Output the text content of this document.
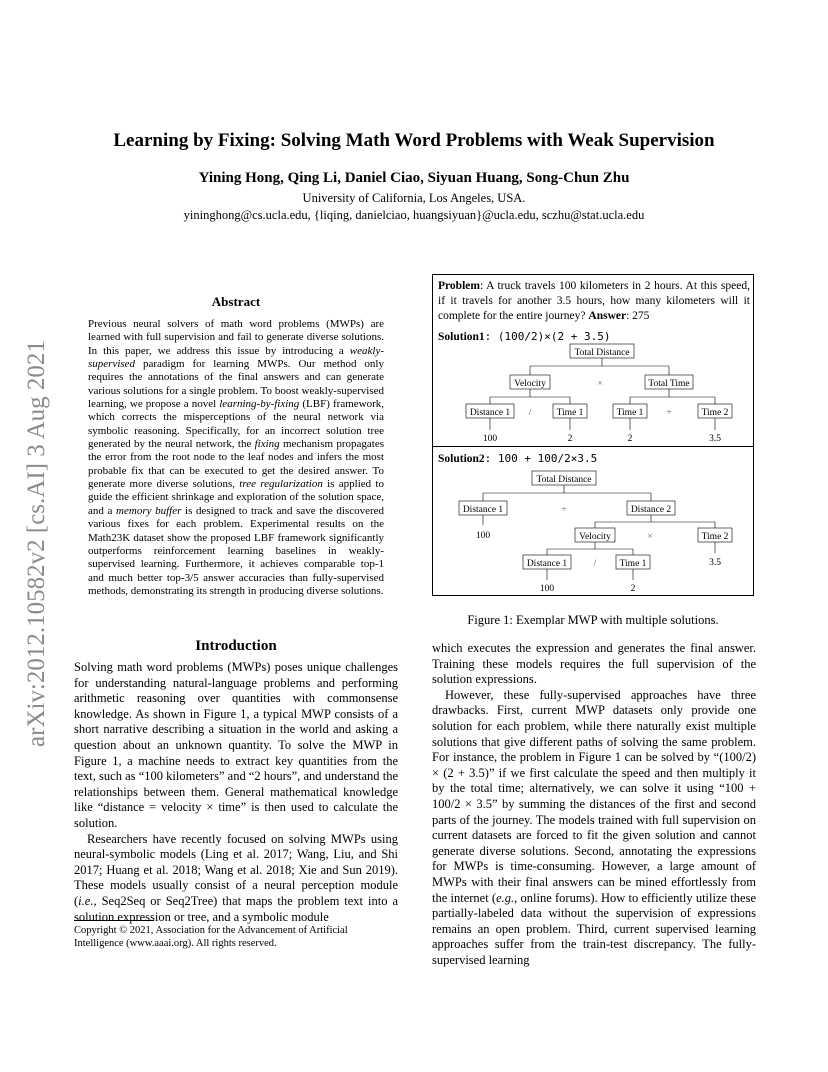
arXiv:2012.10582v2 [cs.AI] 3 Aug 2021
Learning by Fixing: Solving Math Word Problems with Weak Supervision
Yining Hong, Qing Li, Daniel Ciao, Siyuan Huang, Song-Chun Zhu
University of California, Los Angeles, USA.
yininghong@cs.ucla.edu, {liqing, danielciao, huangsiyuan}@ucla.edu, sczhu@stat.ucla.edu
Abstract
Previous neural solvers of math word problems (MWPs) are learned with full supervision and fail to generate diverse solutions. In this paper, we address this issue by introducing a weakly-supervised paradigm for learning MWPs. Our method only requires the annotations of the final answers and can generate various solutions for a single problem. To boost weakly-supervised learning, we propose a novel learning-by-fixing (LBF) framework, which corrects the misperceptions of the neural network via symbolic reasoning. Specifically, for an incorrect solution tree generated by the neural network, the fixing mechanism propagates the error from the root node to the leaf nodes and infers the most probable fix that can be executed to get the desired answer. To generate more diverse solutions, tree regularization is applied to guide the efficient shrinkage and exploration of the solution space, and a memory buffer is designed to track and save the discovered various fixes for each problem. Experimental results on the Math23K dataset show the proposed LBF framework significantly outperforms reinforcement learning baselines in weakly-supervised learning. Furthermore, it achieves comparable top-1 and much better top-3/5 answer accuracies than fully-supervised methods, demonstrating its strength in producing diverse solutions.
Introduction

Solving math word problems (MWPs) poses unique challenges for understanding natural-language problems and performing arithmetic reasoning over quantities with commonsense knowledge. As shown in Figure 1, a typical MWP consists of a short narrative describing a situation in the world and asking a question about an unknown quantity. To solve the MWP in Figure 1, a machine needs to extract key quantities from the text, such as “100 kilometers” and “2 hours”, and understand the relationships between them. General mathematical knowledge like “distance = velocity × time” is then used to calculate the solution.

Researchers have recently focused on solving MWPs using neural-symbolic models (Ling et al. 2017; Wang, Liu, and Shi 2017; Huang et al. 2018; Wang et al. 2018; Xie and Sun 2019). These models usually consist of a neural perception module (i.e., Seq2Seq or Seq2Tree) that maps the problem text into a solution expression or tree, and a symbolic module

Copyright © 2021, Association for the Advancement of Artificial Intelligence (www.aaai.org). All rights reserved.
Problem: A truck travels 100 kilometers in 2 hours. At this speed, if it travels for another 3.5 hours, how many kilometers will it complete for the entire journey? Answer: 275
Solution1: (100/2)×(2 + 3.5)
Solution2: 100 + 100/2×3.5
Total Distance
Velocity	×	Total Time
Distance 1 /	Time 1	Time 1 +	Time 2
100	2	2	3.5
Total Distance
Distance 1	+	Distance 2
100	Velocity	×	Time 2
3.5
Distance 1	/ Time 1
100	2
Figure 1: Exemplar MWP with multiple solutions.

which executes the expression and generates the final answer. Training these models requires the full supervision of the solution expressions.

However, these fully-supervised approaches have three drawbacks. First, current MWP datasets only provide one solution for each problem, while there naturally exist multiple solutions that give different paths of solving the same problem. For instance, the problem in Figure 1 can be solved by “(100/2) × (2 + 3.5)” if we first calculate the speed and then multiply it by the total time; alternatively, we can solve it using “100 + 100/2 × 3.5” by summing the distances of the first and second parts of the journey. The models trained with full supervision on current datasets are forced to fit the given solution and cannot generate diverse solutions. Second, annotating the expressions for MWPs is time-consuming. However, a large amount of MWPs with their final answers can be mined effortlessly from the internet (e.g., online forums). How to efficiently utilize these partially-labeled data without the supervision of expressions remains an open problem. Third, current supervised learning approaches suffer from the train-test discrepancy. The fully-supervised learning
